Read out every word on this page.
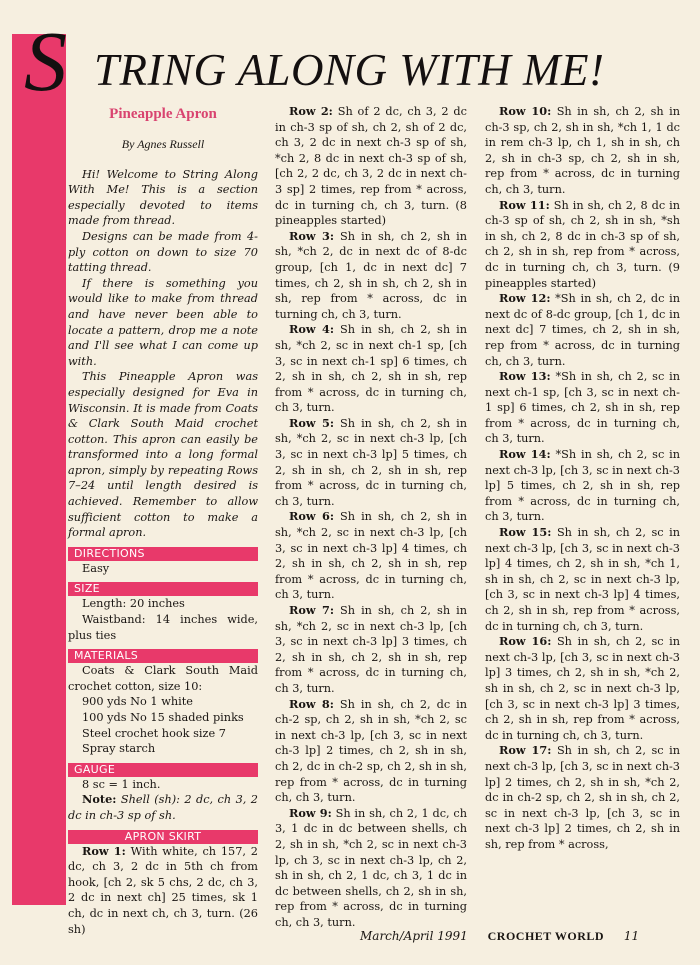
S TRING ALONG WITH ME!
Pineapple Apron
By Agnes Russell

Hi! Welcome to String Along With Me! This is a section especially devoted to items made from thread.

Designs can be made from 4-ply cotton on down to size 70 tatting thread.

If there is something you would like to make from thread and have never been able to locate a pattern, drop me a note and I'll see what I can come up with.

This Pineapple Apron was especially designed for Eva in Wisconsin. It is made from Coats & Clark South Maid crochet cotton. This apron can easily be transformed into a long formal apron, simply by repeating Rows 7–24 until length desired is achieved. Remember to allow sufficient cotton to make a formal apron.

DIRECTIONS
Easy
SIZE
Length: 20 inches

Waistband: 14 inches wide, plus ties

MATERIALS

Coats & Clark South Maid crochet cotton, size 10:

900 yds No 1 white
100 yds No 15 shaded pinks
Steel crochet hook size 7
Spray starch
GAUGE
8 sc = 1 inch.

Note: Shell (sh): 2 dc, ch 3, 2 dc in ch-3 sp of sh.

APRON SKIRT

Row 1: With white, ch 157, 2 dc, ch 3, 2 dc in 5th ch from hook, [ch 2, sk 5 chs, 2 dc, ch 3, 2 dc in next ch] 25 times, sk 1 ch, dc in next ch, ch 3, turn. (26 sh)

Row 2: Sh of 2 dc, ch 3, 2 dc in ch-3 sp of sh, ch 2, sh of 2 dc, ch 3, 2 dc in next ch-3 sp of sh, *ch 2, 8 dc in next ch-3 sp of sh, [ch 2, 2 dc, ch 3, 2 dc in next ch-3 sp] 2 times, rep from * across, dc in turning ch, ch 3, turn. (8 pineapples started)

Row 3: Sh in sh, ch 2, sh in sh, *ch 2, dc in next dc of 8-dc group, [ch 1, dc in next dc] 7 times, ch 2, sh in sh, ch 2, sh in sh, rep from * across, dc in turning ch, ch 3, turn.

Row 4: Sh in sh, ch 2, sh in sh, *ch 2, sc in next ch-1 sp, [ch 3, sc in next ch-1 sp] 6 times, ch 2, sh in sh, ch 2, sh in sh, rep from * across, dc in turning ch, ch 3, turn.

Row 5: Sh in sh, ch 2, sh in sh, *ch 2, sc in next ch-3 lp, [ch 3, sc in next ch-3 lp] 5 times, ch 2, sh in sh, ch 2, sh in sh, rep from * across, dc in turning ch, ch 3, turn.

Row 6: Sh in sh, ch 2, sh in sh, *ch 2, sc in next ch-3 lp, [ch 3, sc in next ch-3 lp] 4 times, ch 2, sh in sh, ch 2, sh in sh, rep from * across, dc in turning ch, ch 3, turn.

Row 7: Sh in sh, ch 2, sh in sh, *ch 2, sc in next ch-3 lp, [ch 3, sc in next ch-3 lp] 3 times, ch 2, sh in sh, ch 2, sh in sh, rep from * across, dc in turning ch, ch 3, turn.

Row 8: Sh in sh, ch 2, dc in ch-2 sp, ch 2, sh in sh, *ch 2, sc in next ch-3 lp, [ch 3, sc in next ch-3 lp] 2 times, ch 2, sh in sh, ch 2, dc in ch-2 sp, ch 2, sh in sh, rep from * across, dc in turning ch, ch 3, turn.

Row 9: Sh in sh, ch 2, 1 dc, ch 3, 1 dc in dc between shells, ch 2, sh in sh, *ch 2, sc in next ch-3 lp, ch 3, sc in next ch-3 lp, ch 2, sh in sh, ch 2, 1 dc, ch 3, 1 dc in dc between shells, ch 2, sh in sh, rep from * across, dc in turning ch, ch 3, turn.

Row 10: Sh in sh, ch 2, sh in ch-3 sp, ch 2, sh in sh, *ch 1, 1 dc in rem ch-3 lp, ch 1, sh in sh, ch 2, sh in ch-3 sp, ch 2, sh in sh, rep from * across, dc in turning ch, ch 3, turn.

Row 11: Sh in sh, ch 2, 8 dc in ch-3 sp of sh, ch 2, sh in sh, *sh in sh, ch 2, 8 dc in ch-3 sp of sh, ch 2, sh in sh, rep from * across, dc in turning ch, ch 3, turn. (9 pineapples started)

Row 12: *Sh in sh, ch 2, dc in next dc of 8-dc group, [ch 1, dc in next dc] 7 times, ch 2, sh in sh, rep from * across, dc in turning ch, ch 3, turn.

Row 13: *Sh in sh, ch 2, sc in next ch-1 sp, [ch 3, sc in next ch-1 sp] 6 times, ch 2, sh in sh, rep from * across, dc in turning ch, ch 3, turn.

Row 14: *Sh in sh, ch 2, sc in next ch-3 lp, [ch 3, sc in next ch-3 lp] 5 times, ch 2, sh in sh, rep from * across, dc in turning ch, ch 3, turn.

Row 15: Sh in sh, ch 2, sc in next ch-3 lp, [ch 3, sc in next ch-3 lp] 4 times, ch 2, sh in sh, *ch 1, sh in sh, ch 2, sc in next ch-3 lp, [ch 3, sc in next ch-3 lp] 4 times, ch 2, sh in sh, rep from * across, dc in turning ch, ch 3, turn.

Row 16: Sh in sh, ch 2, sc in next ch-3 lp, [ch 3, sc in next ch-3 lp] 3 times, ch 2, sh in sh, *ch 2, sh in sh, ch 2, sc in next ch-3 lp, [ch 3, sc in next ch-3 lp] 3 times, ch 2, sh in sh, rep from * across, dc in turning ch, ch 3, turn.

Row 17: Sh in sh, ch 2, sc in next ch-3 lp, [ch 3, sc in next ch-3 lp] 2 times, ch 2, sh in sh, *ch 2, dc in ch-2 sp, ch 2, sh in sh, ch 2, sc in next ch-3 lp, [ch 3, sc in next ch-3 lp] 2 times, ch 2, sh in sh, rep from * across,

March/April 1991 CROCHET WORLD 11
